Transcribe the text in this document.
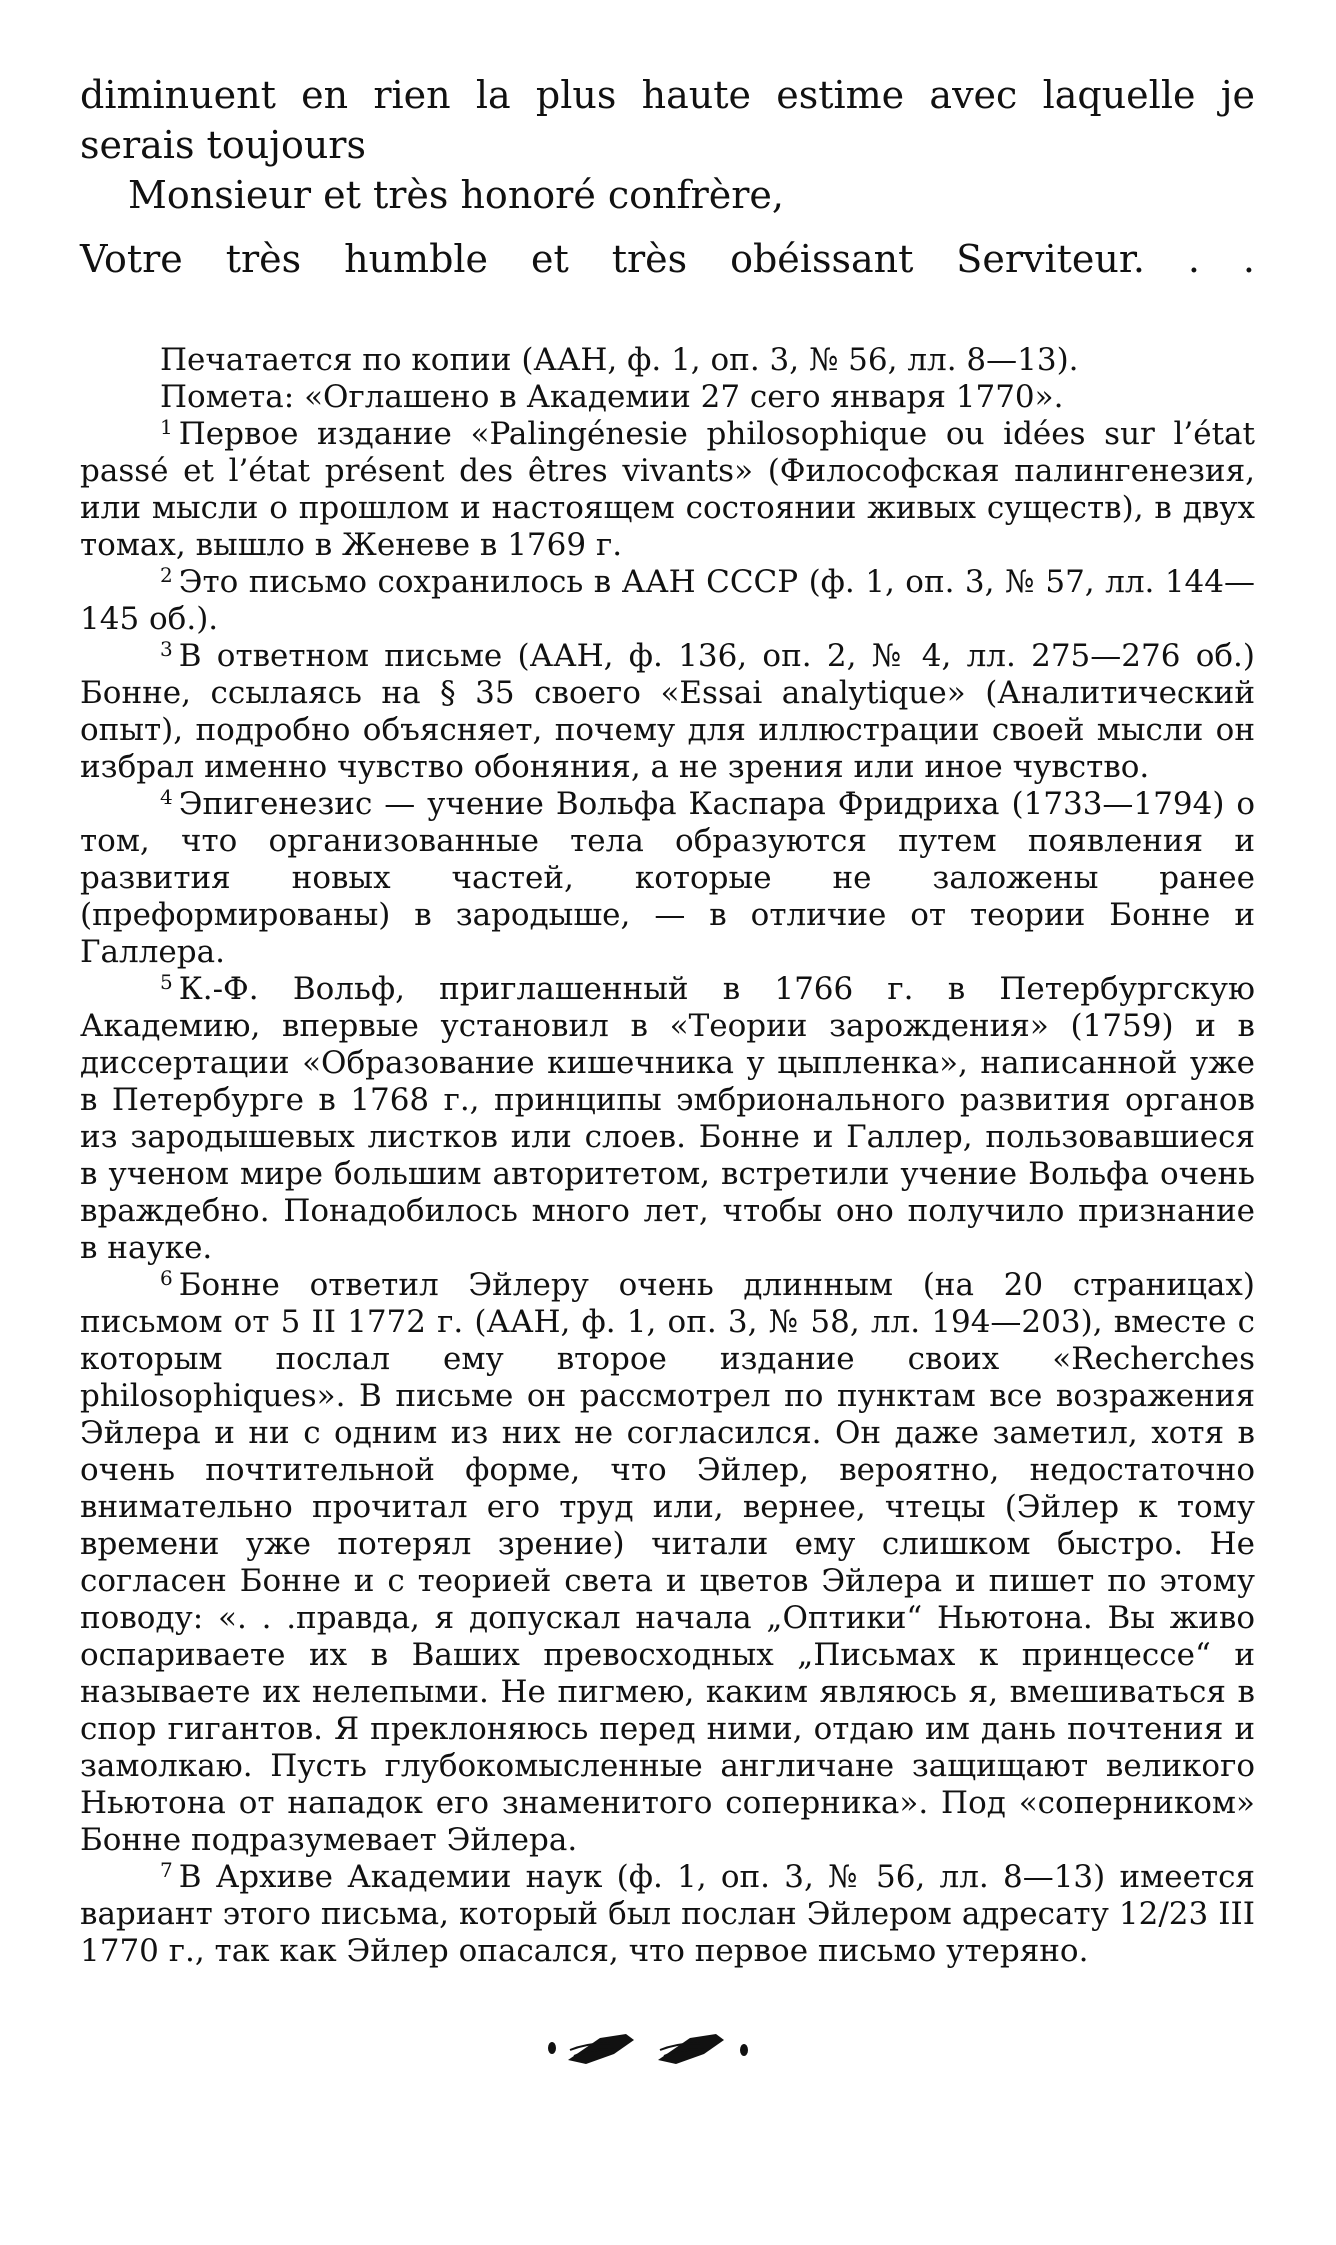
diminuent en rien la plus haute estime avec laquelle je

serais toujours

Monsieur et très honoré confrère,

Votre très humble et très obéissant Serviteur. . .

Печатается по копии (ААН, ф. 1, оп. 3, № 56, лл. 8—13).

Помета: «Оглашено в Академии 27 сего января 1770».

$^1$ Первое издание «Palingénesie philosophique ou idées sur l’état passé et l’état présent des êtres vivants» (Философская палингенезия, или мысли о прошлом и настоящем состоянии живых существ), в двух томах, вышло в Женеве в 1769 г.

$^2$ Это письмо сохранилось в ААН СССР (ф. 1, оп. 3, № 57, лл. 144—145 об.).

$^3$ В ответном письме (ААН, ф. 136, оп. 2, № 4, лл. 275—276 об.) Бонне, ссылаясь на § 35 своего «Essai analytique» (Аналитический опыт), подробно объясняет, почему для иллюстрации своей мысли он избрал именно чувство обоняния, а не зрения или иное чувство.

$^4$ Эпигенезис — учение Вольфа Каспара Фридриха (1733—1794) о том, что организованные тела образуются путем появления и развития новых частей, которые не заложены ранее (преформированы) в зародыше, — в отличие от теории Бонне и Галлера.

$^5$ К.-Ф. Вольф, приглашенный в 1766 г. в Петербургскую Академию, впервые установил в «Теории зарождения» (1759) и в диссертации «Образование кишечника у цыпленка», написанной уже в Петербурге в 1768 г., принципы эмбрионального развития органов из зародышевых листков или слоев. Бонне и Галлер, пользовавшиеся в ученом мире большим авторитетом, встретили учение Вольфа очень враждебно. Понадобилось много лет, чтобы оно получило признание в науке.

$^6$ Бонне ответил Эйлеру очень длинным (на 20 страницах) письмом от 5 II 1772 г. (ААН, ф. 1, оп. 3, № 58, лл. 194—203), вместе с которым послал ему второе издание своих «Recherches philosophiques». В письме он рассмотрел по пунктам все возражения Эйлера и ни с одним из них не согласился. Он даже заметил, хотя в очень почтительной форме, что Эйлер, вероятно, недостаточно внимательно прочитал его труд или, вернее, чтецы (Эйлер к тому времени уже потерял зрение) читали ему слишком быстро. Не согласен Бонне и с теорией света и цветов Эйлера и пишет по этому поводу: «. . .правда, я допускал начала „Оптики“ Ньютона. Вы живо оспариваете их в Ваших превосходных „Письмах к принцессе“ и называете их нелепыми. Не пигмею, каким являюсь я, вмешиваться в спор гигантов. Я преклоняюсь перед ними, отдаю им дань почтения и замолкаю. Пусть глубокомысленные англичане защищают великого Ньютона от нападок его знаменитого соперника». Под «соперником» Бонне подразумевает Эйлера.

$^7$ В Архиве Академии наук (ф. 1, оп. 3, № 56, лл. 8—13) имеется вариант этого письма, который был послан Эйлером адресату 12/23 III 1770 г., так как Эйлер опасался, что первое письмо утеряно.
